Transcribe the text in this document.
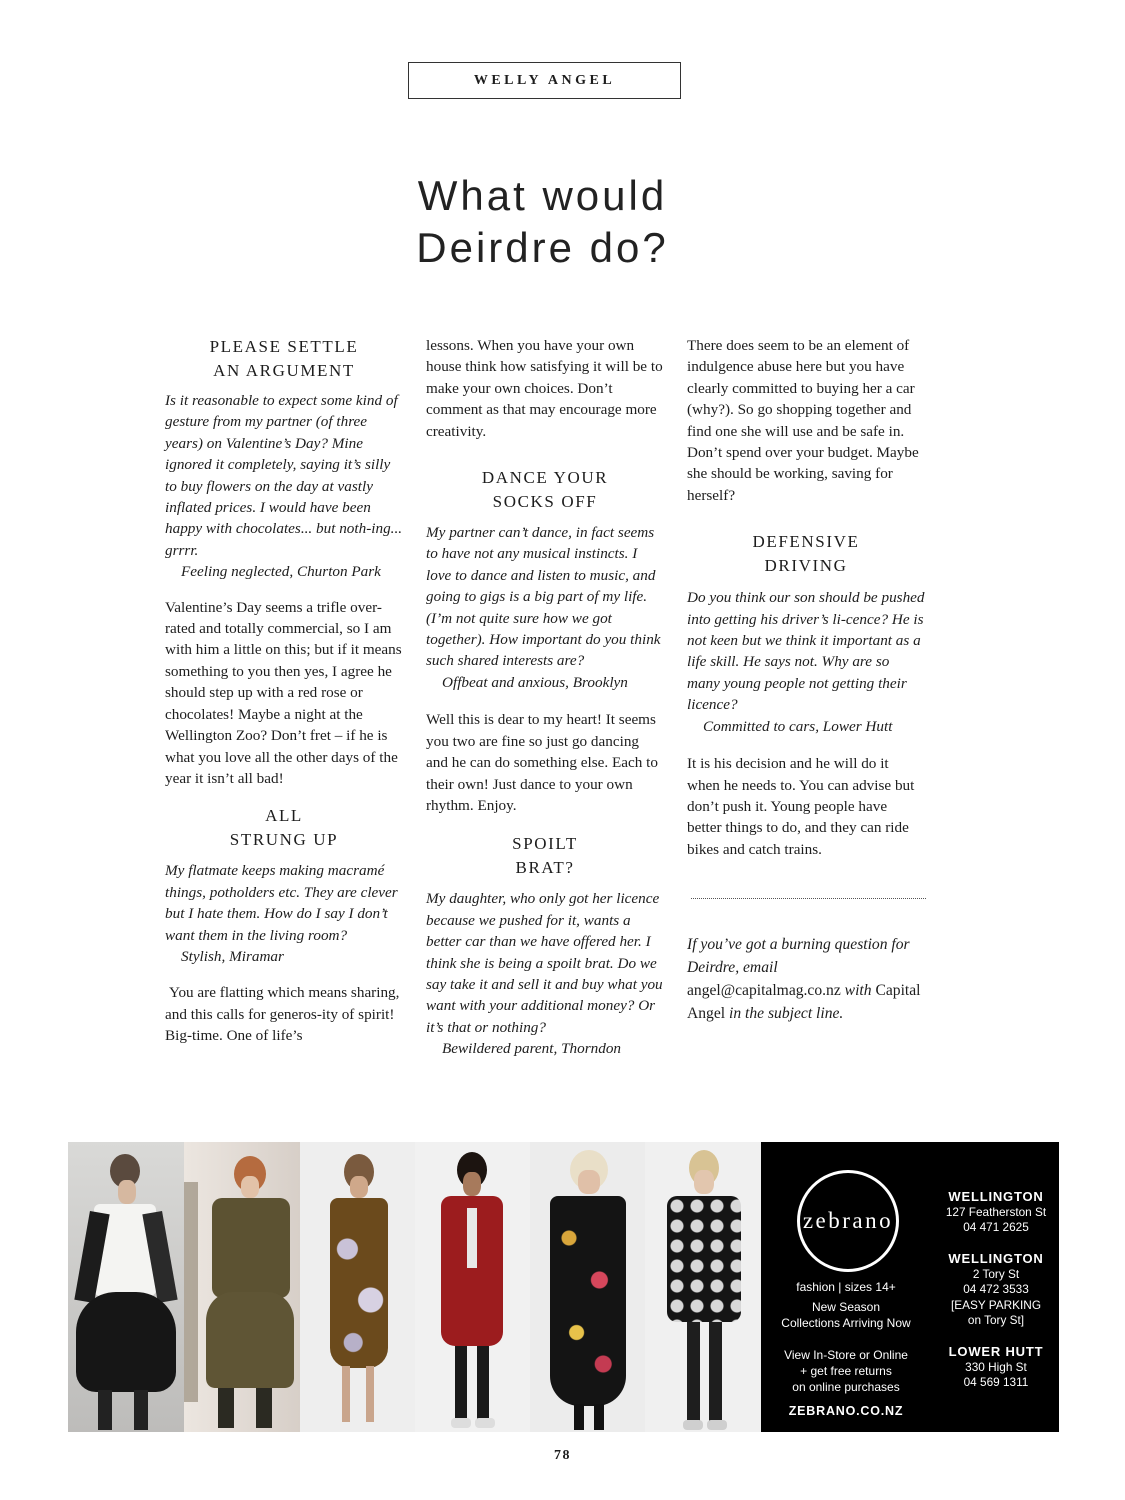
WELLY ANGEL
What would
Deirdre do?
PLEASE SETTLE
AN ARGUMENT

Is it reasonable to expect some kind of gesture from my partner (of three years) on Valentine’s Day? Mine ignored it completely, saying it’s silly to buy flowers on the day at vastly inflated prices. I would have been happy with chocolates... but noth-ing... grrrr.

Feeling neglected, Churton Park

Valentine’s Day seems a trifle over-rated and totally commercial, so I am with him a little on this; but if it means something to you then yes, I agree he should step up with a red rose or chocolates! Maybe a night at the Wellington Zoo? Don’t fret – if he is what you love all the other days of the year it isn’t all bad!

ALL
STRUNG UP

My flatmate keeps making macramé things, potholders etc. They are clever but I hate them. How do I say I don’t want them in the living room?

Stylish, Miramar

You are flatting which means sharing, and this calls for generos-ity of spirit! Big-time. One of life’s

lessons. When you have your own house think how satisfying it will be to make your own choices. Don’t comment as that may encourage more creativity.

DANCE YOUR
SOCKS OFF

My partner can’t dance, in fact seems to have not any musical instincts. I love to dance and listen to music, and going to gigs is a big part of my life. (I’m not quite sure how we got together). How important do you think such shared interests are?

Offbeat and anxious, Brooklyn

Well this is dear to my heart! It seems you two are fine so just go dancing and he can do something else. Each to their own! Just dance to your own rhythm. Enjoy.

SPOILT
BRAT?

My daughter, who only got her licence because we pushed for it, wants a better car than we have offered her. I think she is being a spoilt brat. Do we say take it and sell it and buy what you want with your additional money? Or it’s that or nothing?

Bewildered parent, Thorndon

There does seem to be an element of indulgence abuse here but you have clearly committed to buying her a car (why?). So go shopping together and find one she will use and be safe in. Don’t spend over your budget. Maybe she should be working, saving for herself?

DEFENSIVE
DRIVING

Do you think our son should be pushed into getting his driver’s li-cence? He is not keen but we think it important as a life skill. He says not. Why are so many young people not getting their licence?

Committed to cars, Lower Hutt

It is his decision and he will do it when he needs to. You can advise but don’t push it. Young people have better things to do, and they can ride bikes and catch trains.

If you’ve got a burning question for Deirdre, email angel@capitalmag.co.nz with Capital Angel in the subject line.

zebrano
fashion | sizes 14+
New Season
Collections Arriving Now
View In-Store or Online
+ get free returns
on online purchases
ZEBRANO.CO.NZ
WELLINGTON
127 Featherston St
04 471 2625
WELLINGTON
2 Tory St
04 472 3533
[EASY PARKING
on Tory St]
LOWER HUTT
330 High St
04 569 1311
78
